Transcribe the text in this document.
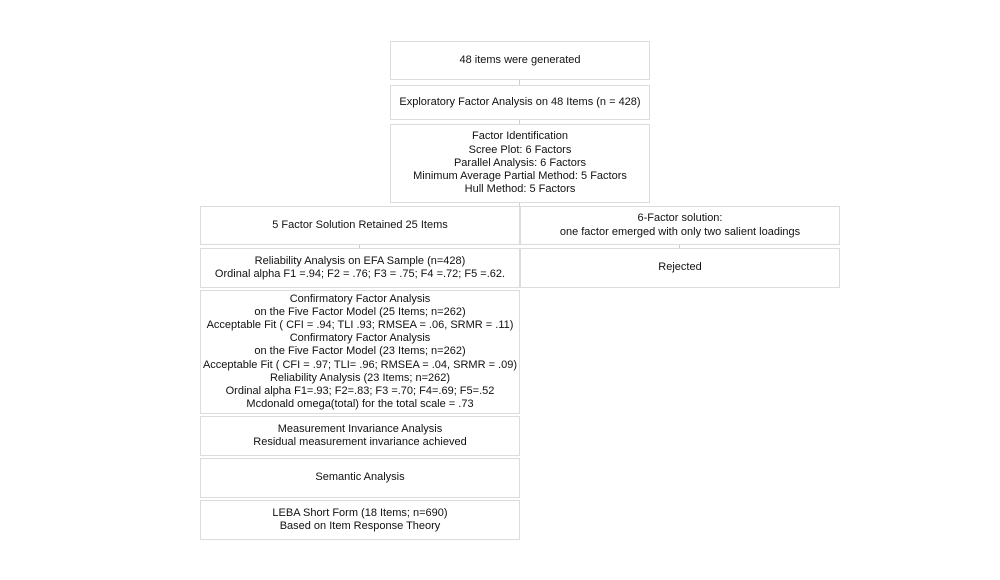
48 items were generated
Exploratory Factor Analysis on 48 Items (n = 428)
Factor Identification
Scree Plot: 6 Factors
Parallel Analysis: 6 Factors
Minimum Average Partial Method: 5 Factors
Hull Method: 5 Factors
5 Factor Solution Retained 25 Items
6-Factor solution:
one factor emerged with only two salient loadings
Reliability Analysis on EFA Sample (n=428)
Ordinal alpha F1 =.94; F2 = .76; F3 = .75; F4 =.72; F5 =.62.
Rejected
Confirmatory Factor Analysis
on the Five Factor Model (25 Items; n=262)
Acceptable Fit ( CFI = .94; TLI .93; RMSEA = .06, SRMR = .11)
Confirmatory Factor Analysis
on the Five Factor Model (23 Items; n=262)
Acceptable Fit ( CFI = .97; TLI= .96; RMSEA = .04, SRMR = .09)
Reliability Analysis (23 Items; n=262)
Ordinal alpha F1=.93; F2=.83; F3 =.70; F4=.69; F5=.52
Mcdonald omega(total) for the total scale = .73
Measurement Invariance Analysis
Residual measurement invariance achieved
Semantic Analysis
LEBA Short Form (18 Items; n=690)
Based on Item Response Theory
